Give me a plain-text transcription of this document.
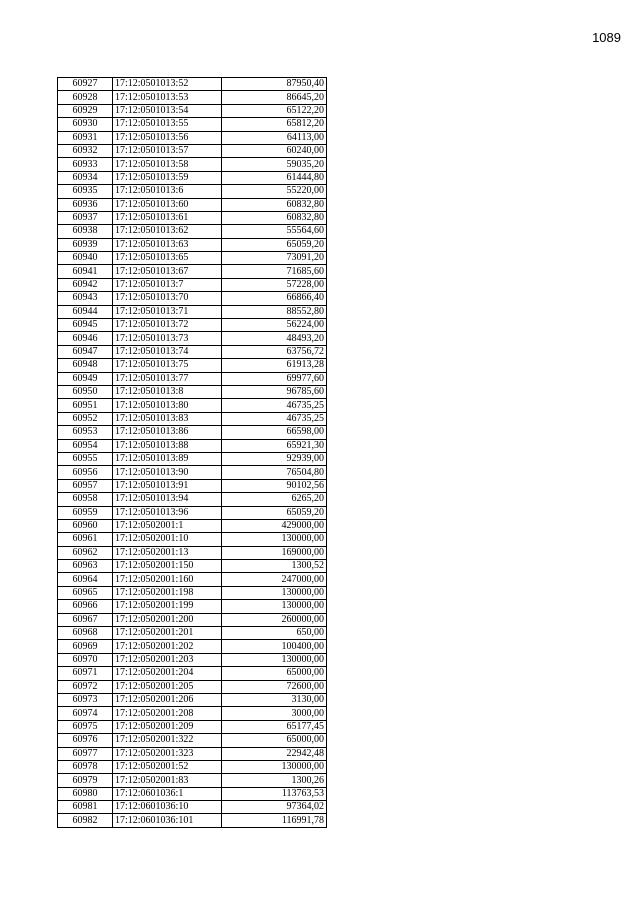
1089
60927	17:12:0501013:52	87950,40
60928	17:12:0501013:53	86645,20
60929	17:12:0501013:54	65122,20
60930	17:12:0501013:55	65812,20
60931	17:12:0501013:56	64113,00
60932	17:12:0501013:57	60240,00
60933	17:12:0501013:58	59035,20
60934	17:12:0501013:59	61444,80
60935	17:12:0501013:6	55220,00
60936	17:12:0501013:60	60832,80
60937	17:12:0501013:61	60832,80
60938	17:12:0501013:62	55564,60
60939	17:12:0501013:63	65059,20
60940	17:12:0501013:65	73091,20
60941	17:12:0501013:67	71685,60
60942	17:12:0501013:7	57228,00
60943	17:12:0501013:70	66866,40
60944	17:12:0501013:71	88552,80
60945	17:12:0501013:72	56224,00
60946	17:12:0501013:73	48493,20
60947	17:12:0501013:74	63756,72
60948	17:12:0501013:75	61913,28
60949	17:12:0501013:77	69977,60
60950	17:12:0501013:8	96785,60
60951	17:12:0501013:80	46735,25
60952	17:12:0501013:83	46735,25
60953	17:12:0501013:86	66598,00
60954	17:12:0501013:88	65921,30
60955	17:12:0501013:89	92939,00
60956	17:12:0501013:90	76504,80
60957	17:12:0501013:91	90102,56
60958	17:12:0501013:94	6265,20
60959	17:12:0501013:96	65059,20
60960	17:12:0502001:1	429000,00
60961	17:12:0502001:10	130000,00
60962	17:12:0502001:13	169000,00
60963	17:12:0502001:150	1300,52
60964	17:12:0502001:160	247000,00
60965	17:12:0502001:198	130000,00
60966	17:12:0502001:199	130000,00
60967	17:12:0502001:200	260000,00
60968	17:12:0502001:201	650,00
60969	17:12:0502001:202	100400,00
60970	17:12:0502001:203	130000,00
60971	17:12:0502001:204	65000,00
60972	17:12:0502001:205	72600,00
60973	17:12:0502001:206	3130,00
60974	17:12:0502001:208	3000,00
60975	17:12:0502001:209	65177,45
60976	17:12:0502001:322	65000,00
60977	17:12:0502001:323	22942,48
60978	17:12:0502001:52	130000,00
60979	17:12:0502001:83	1300,26
60980	17:12:0601036:1	113763,53
60981	17:12:0601036:10	97364,02
60982	17:12:0601036:101	116991,78
